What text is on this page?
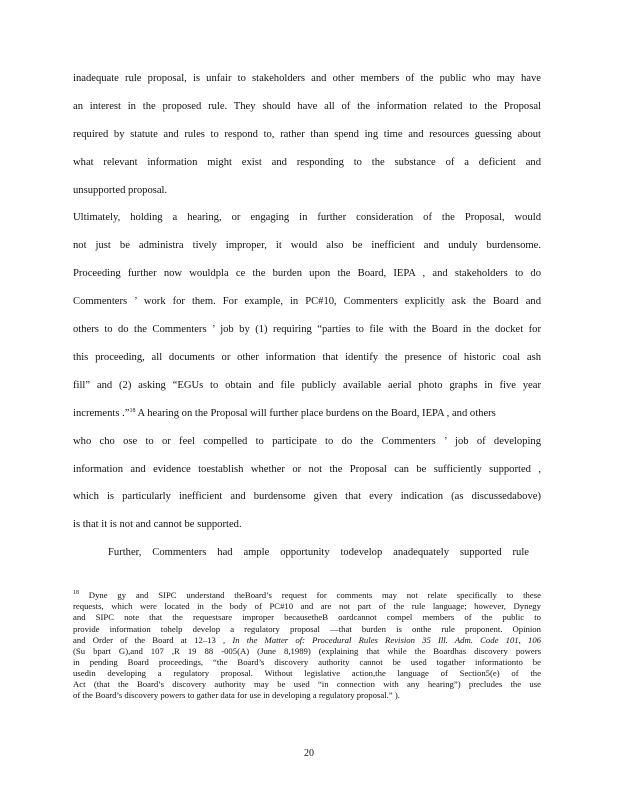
inadequate rule proposal, is unfair to stakeholders and other members of the public who may have
an interest in the proposed rule. They should have all of the information related to the Proposal
required by statute and rules to respond to, rather than spend ing time and resources guessing about
what relevant information might exist and responding to the substance of a deficient and
unsupported proposal.
Ultimately, holding a hearing, or engaging in further consideration of the Proposal, would
not just be administra tively improper, it would also be inefficient and unduly burdensome.
Proceeding further now wouldpla ce the burden upon the Board, IEPA , and stakeholders to do
Commenters ’ work for them. For example, in PC#10, Commenters explicitly ask the Board and
others to do the Commenters ’ job by (1) requiring “parties to file with the Board in the docket for
this proceeding, all documents or other information that identify the presence of historic coal ash
fill” and (2) asking “EGUs to obtain and file publicly available aerial photo graphs in five year
increments .”$^{18}$ A hearing on the Proposal will further place burdens on the Board, IEPA , and others
who cho ose to or feel compelled to participate to do the Commenters ’ job of developing
information and evidence toestablish whether or not the Proposal can be sufficiently supported ,
which is particularly inefficient and burdensome given that every indication (as discussedabove)
is that it is not and cannot be supported.
Further, Commenters had ample opportunity todevelop anadequately supported rule
$^{18}$ Dyne gy and SIPC understand theBoard’s request for comments may not relate specifically to these
requests, which were located in the body of PC#10 and are not part of the rule language; however, Dynegy
and SIPC note that the requestsare improper becausetheB oardcannot compel members of the public to
provide information tohelp develop a regulatory proposal —that burden is onthe rule proponent. Opinion
and Order of the Board at 12–13 , In the Matter of: Procedural Rules Revision 35 Ill. Adm. Code 101, 106
(Su bpart G),and 107 ,R 19 88 -005(A) (June 8,1989) (explaining that while the Boardhas discovery powers
in pending Board proceedings, “the Board’s discovery authority cannot be used togather informationto be
usedin developing a regulatory proposal. Without legislative action,the language of Section5(e) of the
Act (that the Board’s discovery authority may be used “in connection with any hearing”) precludes the use
of the Board’s discovery powers to gather data for use in developing a regulatory proposal.” ).
20
